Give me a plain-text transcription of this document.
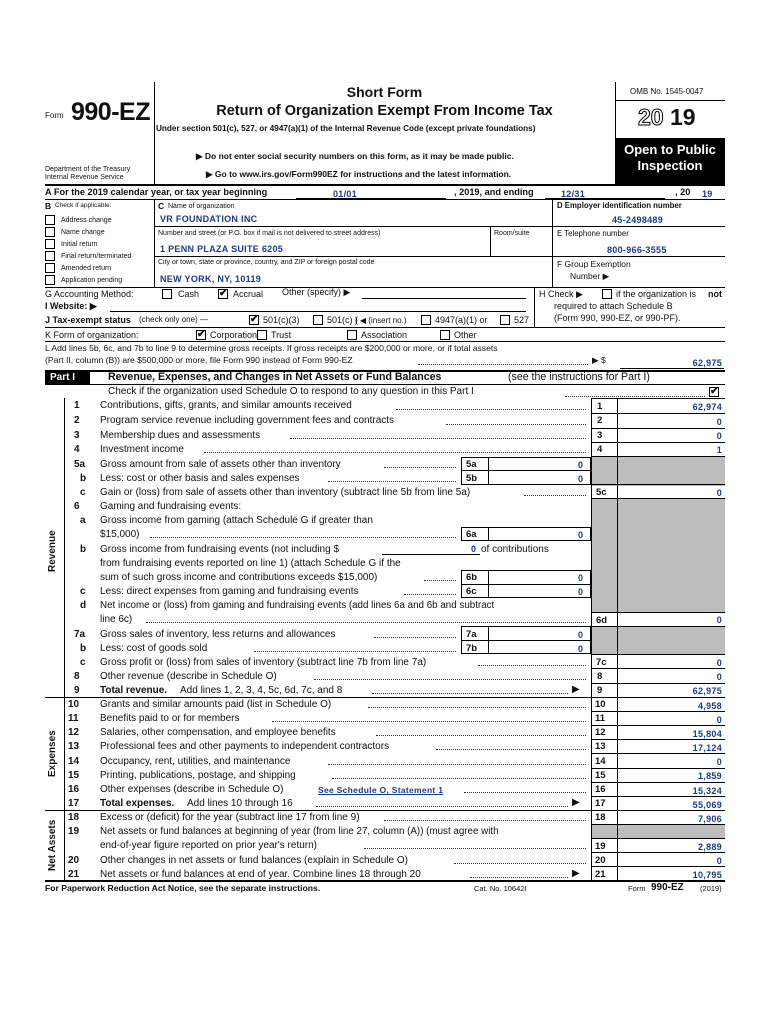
Form 990-EZ
Department of the Treasury
Internal Revenue Service
Short Form
Return of Organization Exempt From Income Tax
Under section 501(c), 527, or 4947(a)(1) of the Internal Revenue Code (except private foundations)
▶ Do not enter social security numbers on this form, as it may be made public.
▶ Go to www.irs.gov/Form990EZ for instructions and the latest information.
OMB No. 1545-0047
20 19
Open to Public
Inspection
A For the 2019 calendar year, or tax year beginning	01/01	, 2019, and ending	12/31	, 20 19
B Check if applicable:
Address change
Name change
Initial return
Final return/terminated
Amended return
Application pending
C Name of organization
VR FOUNDATION INC
Number and street (or P.O. box if mail is not delivered to street address)	Room/suite
1 PENN PLAZA SUITE 6205
City or town, state or province, country, and ZIP or foreign postal code
NEW YORK, NY, 10119
D Employer identification number
45-2498489
E Telephone number
800-966-3555
F Group Exemption
Number ▶
G Accounting Method:	Cash ✔ Accrual Other (specify) ▶	H Check ▶	if the organization is not
required to attach Schedule B
(Form 990, 990-EZ, or 990-PF).
I Website: ▶
J Tax-exempt status (check only one) —	✔ 501(c)(3)	501(c) (
) ◀ (insert no.)	4947(a)(1) or	527
K Form of organization:	✔ Corporation Trust	Association	Other
L Add lines 5b, 6c, and 7b to line 9 to determine gross receipts. If gross receipts are $200,000 or more, or if total assets
(Part II, column (B)) are $500,000 or more, file Form 990 instead of Form 990-EZ	▶ $	62,975
Part I	Revenue, Expenses, and Changes in Net Assets or Fund Balances	(see the instructions for Part I)
Check if the organization used Schedule O to respond to any question in this Part I	✔
Revenue
Expenses
Net Assets
1 Contributions, gifts, grants, and similar amounts received	1	62,974
2 Program service revenue including government fees and contracts	2	0
3 Membership dues and assessments	3	0
4 Investment income	4	1
5a Gross amount from sale of assets other than inventory	5a	0
b Less: cost or other basis and sales expenses	5b	0
c Gain or (loss) from sale of assets other than inventory (subtract line 5b from line 5a)	5c	0
6 Gaming and fundraising events:
a Gross income from gaming (attach Schedule G if greater than
$15,000)	6a	0
b Gross income from fundraising events (not including $	0 of contributions
from fundraising events reported on line 1) (attach Schedule G if the
sum of such gross income and contributions exceeds $15,000)	6b	0
c Less: direct expenses from gaming and fundraising events	6c	0
d Net income or (loss) from gaming and fundraising events (add lines 6a and 6b and subtract
line 6c)	6d	0
7a Gross sales of inventory, less returns and allowances	7a	0
b Less: cost of goods sold	7b	0
c Gross profit or (loss) from sales of inventory (subtract line 7b from line 7a)	7c	0
8 Other revenue (describe in Schedule O)	8	0
9 Total revenue. Add lines 1, 2, 3, 4, 5c, 6d, 7c, and 8	▶ 9	62,975
10 Grants and similar amounts paid (list in Schedule O)	10	4,958
11 Benefits paid to or for members	11	0
12 Salaries, other compensation, and employee benefits	12	15,804
13 Professional fees and other payments to independent contractors	13	17,124
14 Occupancy, rent, utilities, and maintenance	14	0
15 Printing, publications, postage, and shipping	15	1,859
16 Other expenses (describe in Schedule O)	See Schedule O, Statement 1	16	15,324
17 Total expenses. Add lines 10 through 16	▶ 17	55,069
18 Excess or (deficit) for the year (subtract line 17 from line 9)	18	7,906
19 Net assets or fund balances at beginning of year (from line 27, column (A)) (must agree with
end-of-year figure reported on prior year's return)	19	2,889
20 Other changes in net assets or fund balances (explain in Schedule O)	20	0
21 Net assets or fund balances at end of year. Combine lines 18 through 20	▶ 21	10,795
For Paperwork Reduction Act Notice, see the separate instructions.	Cat. No. 10642I	Form 990-EZ (2019)
